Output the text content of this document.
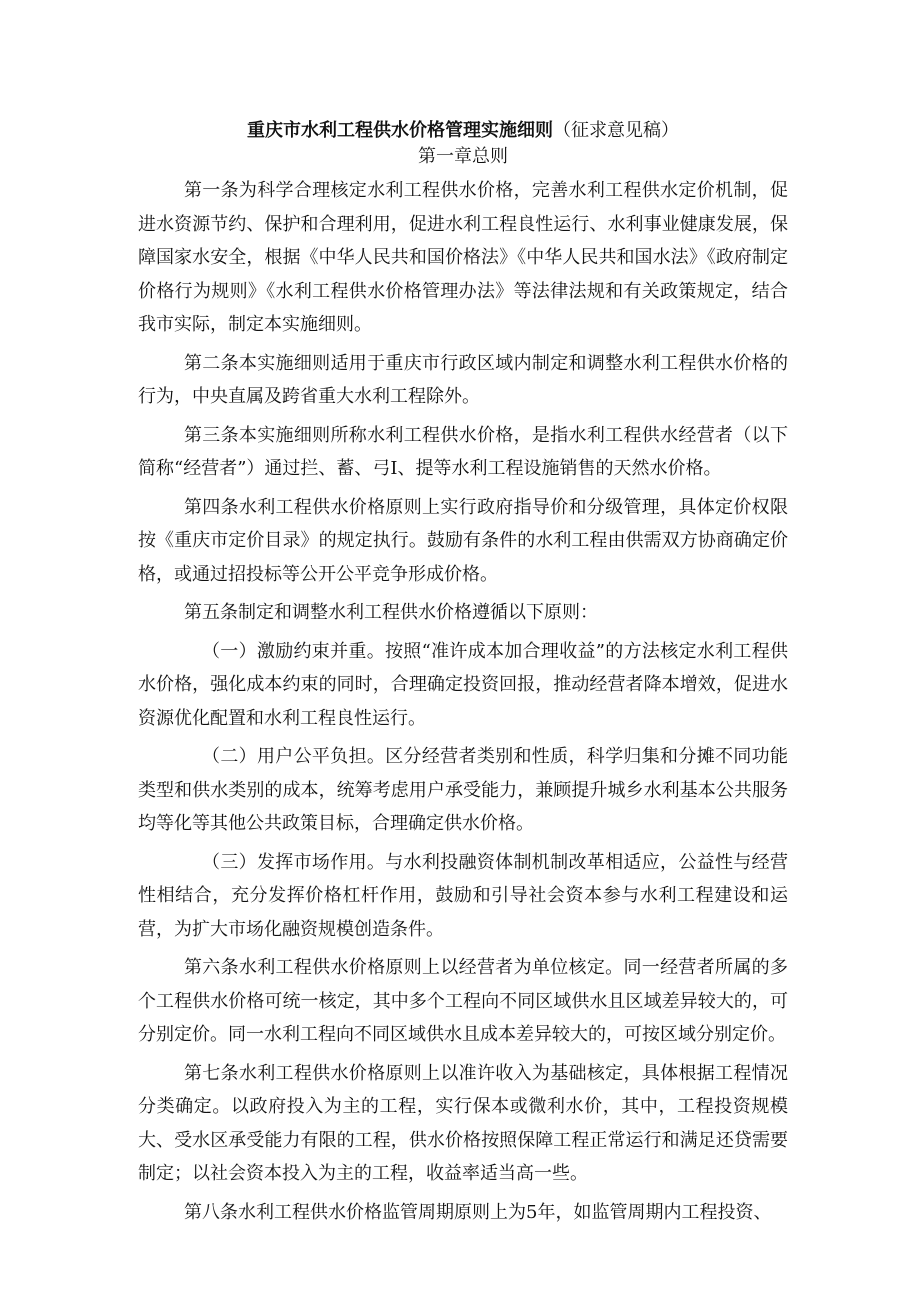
重庆市水利工程供水价格管理实施细则（征求意见稿）

第一章总则

第一条为科学合理核定水利工程供水价格，完善水利工程供水定价机制，促进水资源节约、保护和合理利用，促进水利工程良性运行、水利事业健康发展，保障国家水安全，根据《中华人民共和国价格法》《中华人民共和国水法》《政府制定价格行为规则》《水利工程供水价格管理办法》等法律法规和有关政策规定，结合我市实际，制定本实施细则。

第二条本实施细则适用于重庆市行政区域内制定和调整水利工程供水价格的行为，中央直属及跨省重大水利工程除外。

第三条本实施细则所称水利工程供水价格，是指水利工程供水经营者（以下简称“经营者”）通过拦、蓄、弓I、提等水利工程设施销售的天然水价格。

第四条水利工程供水价格原则上实行政府指导价和分级管理，具体定价权限按《重庆市定价目录》的规定执行。鼓励有条件的水利工程由供需双方协商确定价格，或通过招投标等公开公平竞争形成价格。

第五条制定和调整水利工程供水价格遵循以下原则：

（一）激励约束并重。按照“准许成本加合理收益”的方法核定水利工程供水价格，强化成本约束的同时，合理确定投资回报，推动经营者降本增效，促进水资源优化配置和水利工程良性运行。

（二）用户公平负担。区分经营者类别和性质，科学归集和分摊不同功能类型和供水类别的成本，统筹考虑用户承受能力，兼顾提升城乡水利基本公共服务均等化等其他公共政策目标，合理确定供水价格。

（三）发挥市场作用。与水利投融资体制机制改革相适应，公益性与经营性相结合，充分发挥价格杠杆作用，鼓励和引导社会资本参与水利工程建设和运营，为扩大市场化融资规模创造条件。

第六条水利工程供水价格原则上以经营者为单位核定。同一经营者所属的多个工程供水价格可统一核定，其中多个工程向不同区域供水且区域差异较大的，可分别定价。同一水利工程向不同区域供水且成本差异较大的，可按区域分别定价。

第七条水利工程供水价格原则上以准许收入为基础核定，具体根据工程情况分类确定。以政府投入为主的工程，实行保本或微利水价，其中，工程投资规模大、受水区承受能力有限的工程，供水价格按照保障工程正常运行和满足还贷需要制定；以社会资本投入为主的工程，收益率适当高一些。

第八条水利工程供水价格监管周期原则上为5年，如监管周期内工程投资、
